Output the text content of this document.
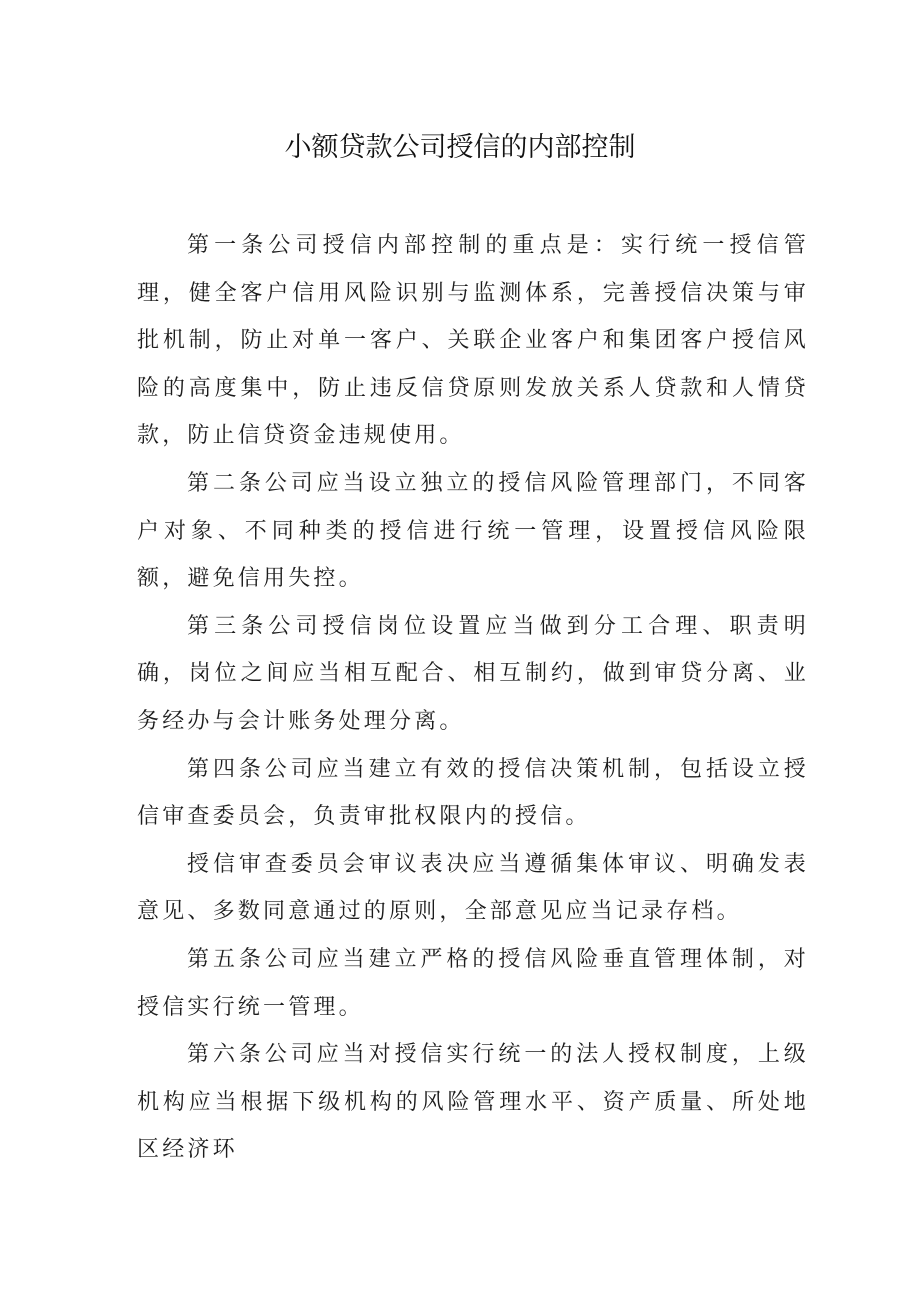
小额贷款公司授信的内部控制

第一条公司授信内部控制的重点是：实行统一授信管理，健全客户信用风险识别与监测体系，完善授信决策与审批机制，防止对单一客户、关联企业客户和集团客户授信风险的高度集中，防止违反信贷原则发放关系人贷款和人情贷款，防止信贷资金违规使用。

第二条公司应当设立独立的授信风险管理部门，不同客户对象、不同种类的授信进行统一管理，设置授信风险限额，避免信用失控。

第三条公司授信岗位设置应当做到分工合理、职责明确，岗位之间应当相互配合、相互制约，做到审贷分离、业务经办与会计账务处理分离。

第四条公司应当建立有效的授信决策机制，包括设立授信审查委员会，负责审批权限内的授信。

授信审查委员会审议表决应当遵循集体审议、明确发表意见、多数同意通过的原则，全部意见应当记录存档。

第五条公司应当建立严格的授信风险垂直管理体制，对授信实行统一管理。

第六条公司应当对授信实行统一的法人授权制度，上级机构应当根据下级机构的风险管理水平、资产质量、所处地区经济环
